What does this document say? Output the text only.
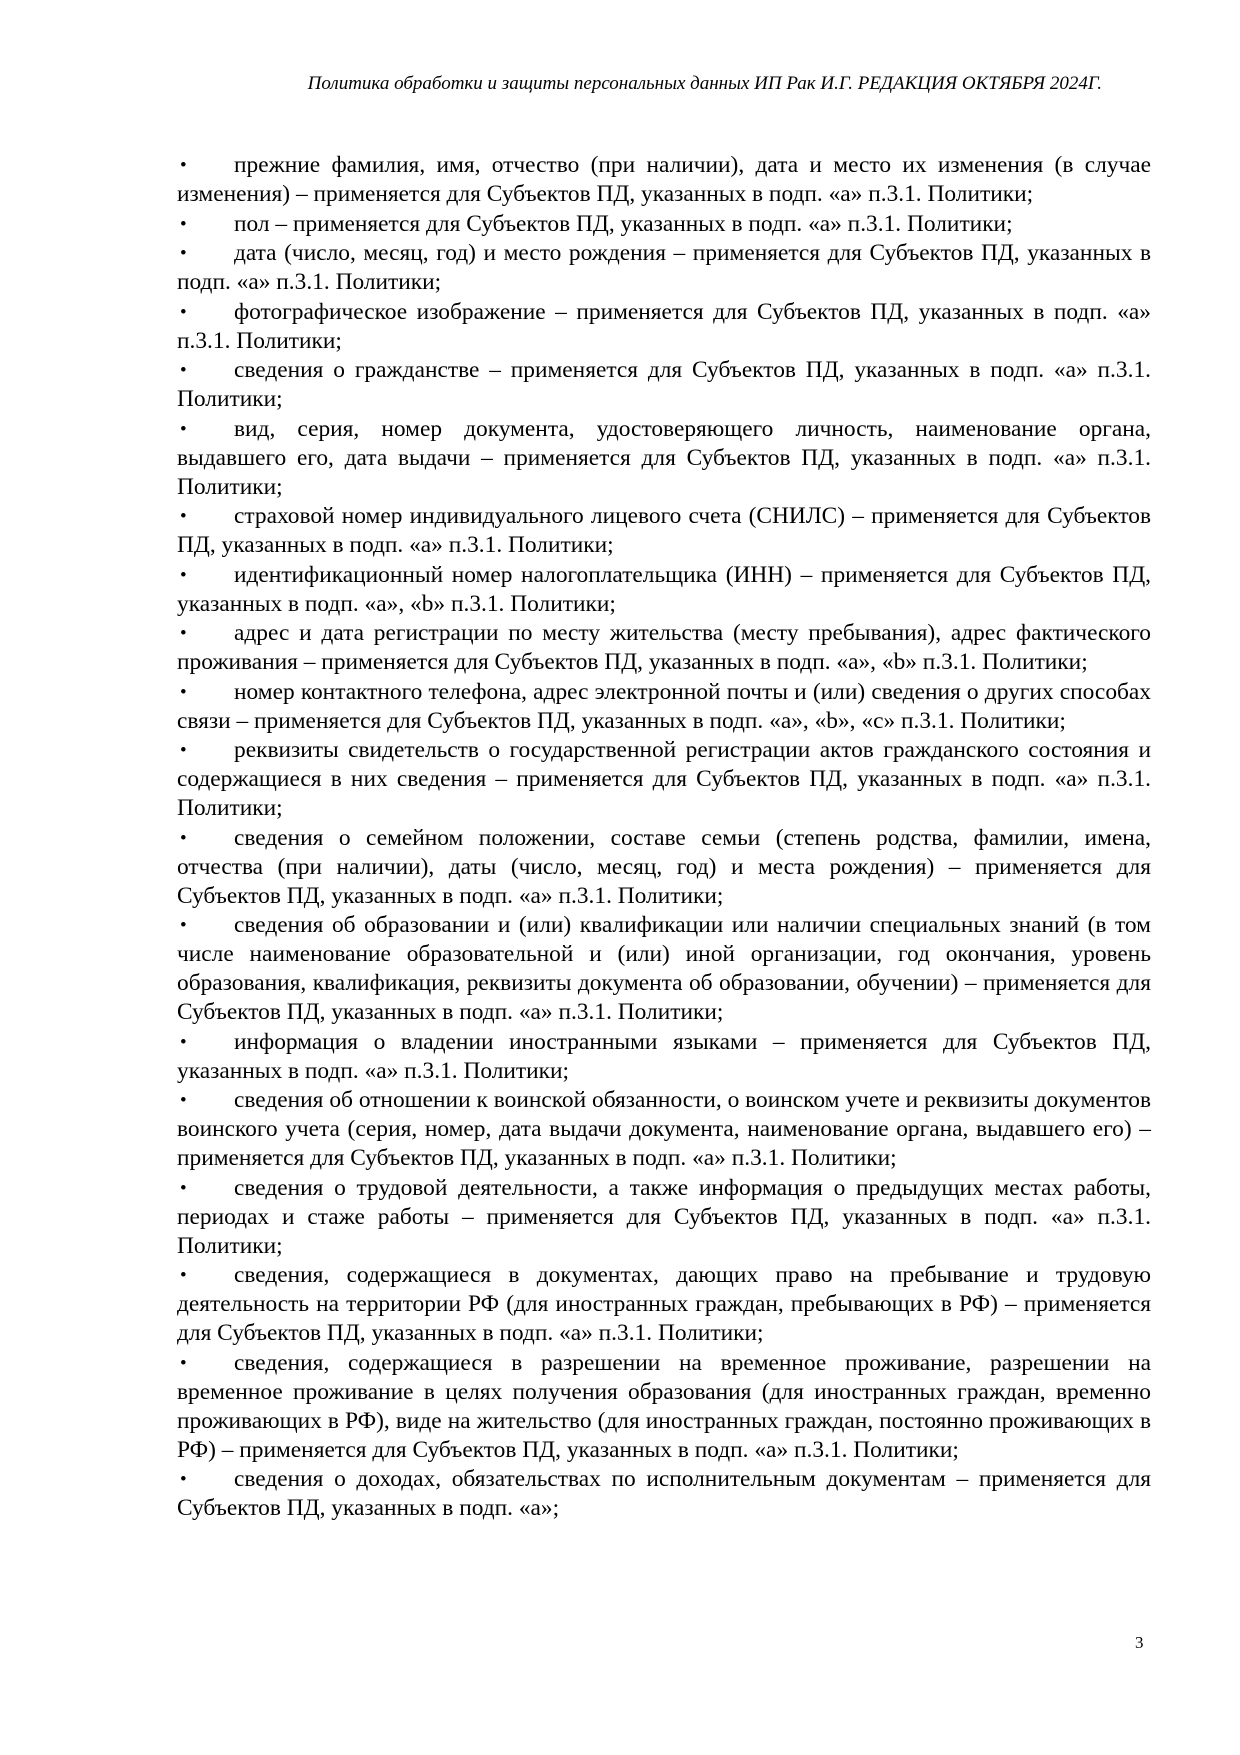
Политика обработки и защиты персональных данных ИП Рак И.Г. РЕДАКЦИЯ ОКТЯБРЯ 2024Г.

• прежние фамилия, имя, отчество (при наличии), дата и место их изменения (в случае изменения) – применяется для Субъектов ПД, указанных в подп. «a» п.3.1. Политики;

• пол – применяется для Субъектов ПД, указанных в подп. «a» п.3.1. Политики;

• дата (число, месяц, год) и место рождения – применяется для Субъектов ПД, указанных в подп. «a» п.3.1. Политики;

• фотографическое изображение – применяется для Субъектов ПД, указанных в подп. «a» п.3.1. Политики;

• сведения о гражданстве – применяется для Субъектов ПД, указанных в подп. «a» п.3.1. Политики;

• вид, серия, номер документа, удостоверяющего личность, наименование органа, выдавшего его, дата выдачи – применяется для Субъектов ПД, указанных в подп. «a» п.3.1. Политики;

• страховой номер индивидуального лицевого счета (СНИЛС) – применяется для Субъектов ПД, указанных в подп. «a» п.3.1. Политики;

• идентификационный номер налогоплательщика (ИНН) – применяется для Субъектов ПД, указанных в подп. «a», «b» п.3.1. Политики;

• адрес и дата регистрации по месту жительства (месту пребывания), адрес фактического проживания – применяется для Субъектов ПД, указанных в подп. «a», «b» п.3.1. Политики;

• номер контактного телефона, адрес электронной почты и (или) сведения о других способах связи – применяется для Субъектов ПД, указанных в подп. «a», «b», «c» п.3.1. Политики;

• реквизиты свидетельств о государственной регистрации актов гражданского состояния и содержащиеся в них сведения – применяется для Субъектов ПД, указанных в подп. «a» п.3.1. Политики;

• сведения о семейном положении, составе семьи (степень родства, фамилии, имена, отчества (при наличии), даты (число, месяц, год) и места рождения) – применяется для Субъектов ПД, указанных в подп. «a» п.3.1. Политики;

• сведения об образовании и (или) квалификации или наличии специальных знаний (в том числе наименование образовательной и (или) иной организации, год окончания, уровень образования, квалификация, реквизиты документа об образовании, обучении) – применяется для Субъектов ПД, указанных в подп. «a» п.3.1. Политики;

• информация о владении иностранными языками – применяется для Субъектов ПД, указанных в подп. «a» п.3.1. Политики;

• сведения об отношении к воинской обязанности, о воинском учете и реквизиты документов воинского учета (серия, номер, дата выдачи документа, наименование органа, выдавшего его) – применяется для Субъектов ПД, указанных в подп. «a» п.3.1. Политики;

• сведения о трудовой деятельности, а также информация о предыдущих местах работы, периодах и стаже работы – применяется для Субъектов ПД, указанных в подп. «a» п.3.1. Политики;

• сведения, содержащиеся в документах, дающих право на пребывание и трудовую деятельность на территории РФ (для иностранных граждан, пребывающих в РФ) – применяется для Субъектов ПД, указанных в подп. «a» п.3.1. Политики;

• сведения, содержащиеся в разрешении на временное проживание, разрешении на временное проживание в целях получения образования (для иностранных граждан, временно проживающих в РФ), виде на жительство (для иностранных граждан, постоянно проживающих в РФ) – применяется для Субъектов ПД, указанных в подп. «a» п.3.1. Политики;

• сведения о доходах, обязательствах по исполнительным документам – применяется для Субъектов ПД, указанных в подп. «a»;

3
